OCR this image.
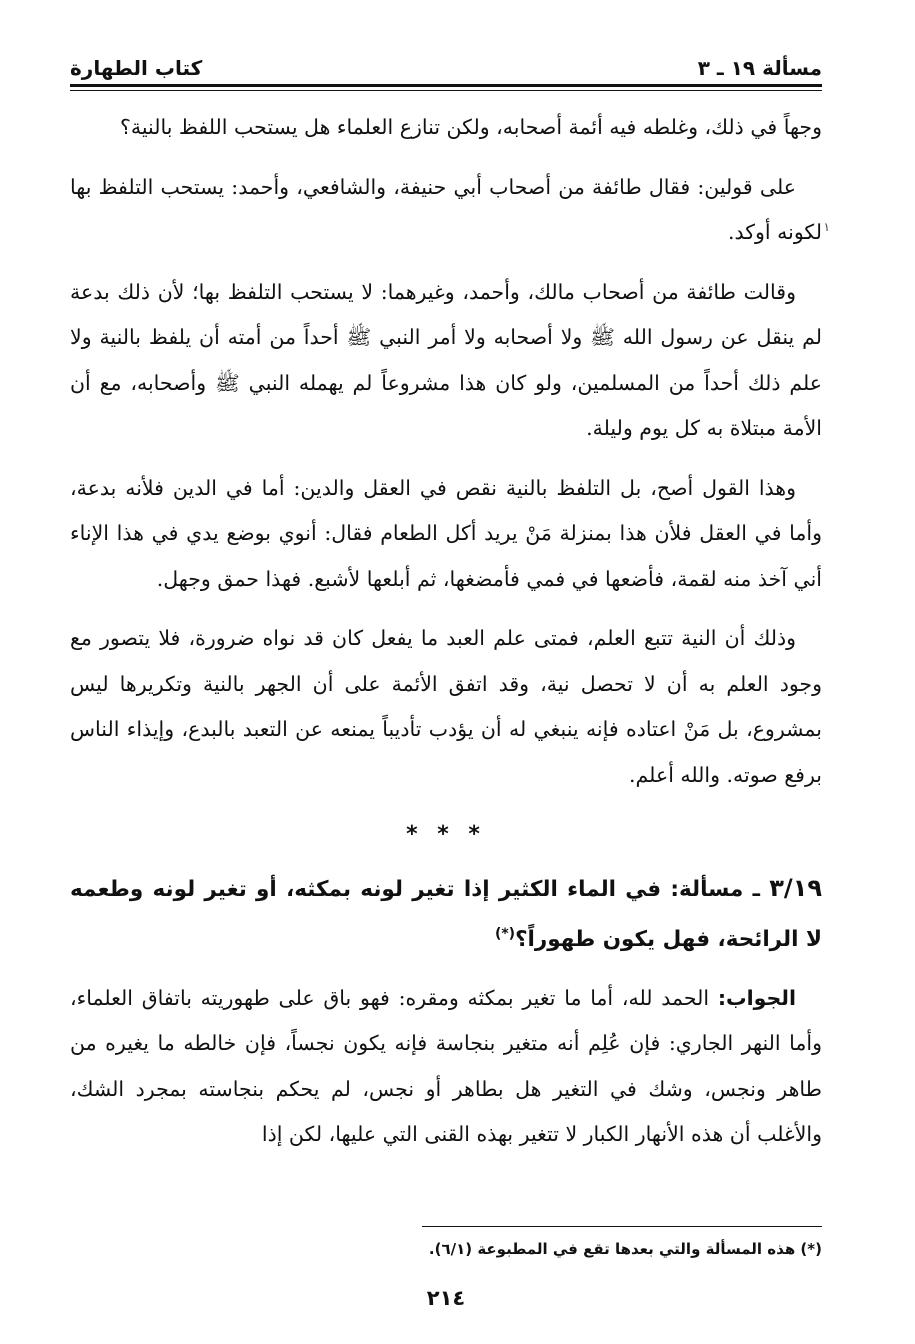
مسألة ١٩ ـ ٣
كتاب الطهارة
١

وجهاً في ذلك، وغلطه فيه أئمة أصحابه، ولكن تنازع العلماء هل يستحب اللفظ بالنية؟

على قولين: فقال طائفة من أصحاب أبي حنيفة، والشافعي، وأحمد: يستحب التلفظ بها لكونه أوكد.

وقالت طائفة من أصحاب مالك، وأحمد، وغيرهما: لا يستحب التلفظ بها؛ لأن ذلك بدعة لم ينقل عن رسول الله ﷺ ولا أصحابه ولا أمر النبي ﷺ أحداً من أمته أن يلفظ بالنية ولا علم ذلك أحداً من المسلمين، ولو كان هذا مشروعاً لم يهمله النبي ﷺ وأصحابه، مع أن الأمة مبتلاة به كل يوم وليلة.

وهذا القول أصح، بل التلفظ بالنية نقص في العقل والدين: أما في الدين فلأنه بدعة، وأما في العقل فلأن هذا بمنزلة مَنْ يريد أكل الطعام فقال: أنوي بوضع يدي في هذا الإناء أني آخذ منه لقمة، فأضعها في فمي فأمضغها، ثم أبلعها لأشبع. فهذا حمق وجهل.

وذلك أن النية تتبع العلم، فمتى علم العبد ما يفعل كان قد نواه ضرورة، فلا يتصور مع وجود العلم به أن لا تحصل نية، وقد اتفق الأئمة على أن الجهر بالنية وتكريرها ليس بمشروع، بل مَنْ اعتاده فإنه ينبغي له أن يؤدب تأديباً يمنعه عن التعبد بالبدع، وإيذاء الناس برفع صوته. والله أعلم.

* * *

٣/١٩ ـ مسألة: في الماء الكثير إذا تغير لونه بمكثه، أو تغير لونه وطعمه لا الرائحة، فهل يكون طهوراً؟(*)

الجواب: الحمد لله، أما ما تغير بمكثه ومقره: فهو باق على طهوريته باتفاق العلماء، وأما النهر الجاري: فإن عُلِم أنه متغير بنجاسة فإنه يكون نجساً، فإن خالطه ما يغيره من طاهر ونجس، وشك في التغير هل بطاهر أو نجس، لم يحكم بنجاسته بمجرد الشك، والأغلب أن هذه الأنهار الكبار لا تتغير بهذه القنى التي عليها، لكن إذا

(*) هذه المسألة والتي بعدها تقع في المطبوعة (٦/١).
٢١٤
